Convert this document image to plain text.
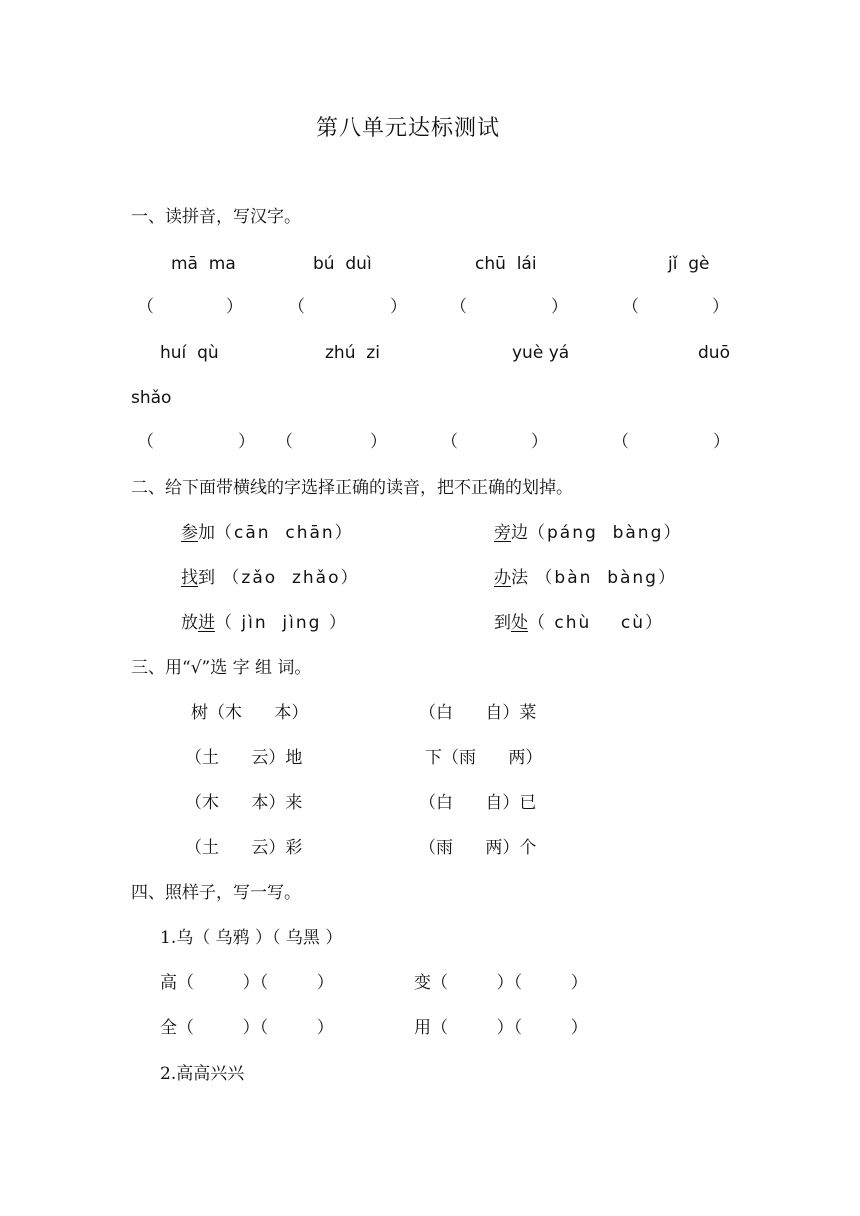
第八单元达标测试
一、读拼音，写汉字。
mā  ma	bú  duì	chū  lái	jǐ  gè
（	）	（	）	（	）	（	）
huí  qù	zhú  zi	yuè yá	duō
shǎo
（	） （	）	（	）	（	）
二、给下面带横线的字选择正确的读音，把不正确的划掉。
参加（cān  chān）	旁边（páng  bàng）
找到 （zǎo  zhǎo）	办法 （bàn  bàng）
放进（ jìn  jìng ）	到处（ chù    cù）
三、用“√”选 字 组 词。
树（木      本）	（白      自）菜
（土      云）地	下（雨      两）
（木      本）来	（白      自）已
（土      云）彩	（雨      两）个
四、照样子，写一写。
1.乌（ 乌鸦 ）（ 乌黑 ）
高（         ）（         ）	变（         ）（         ）
全（         ）（         ）	用（         ）（         ）
2.高高兴兴
